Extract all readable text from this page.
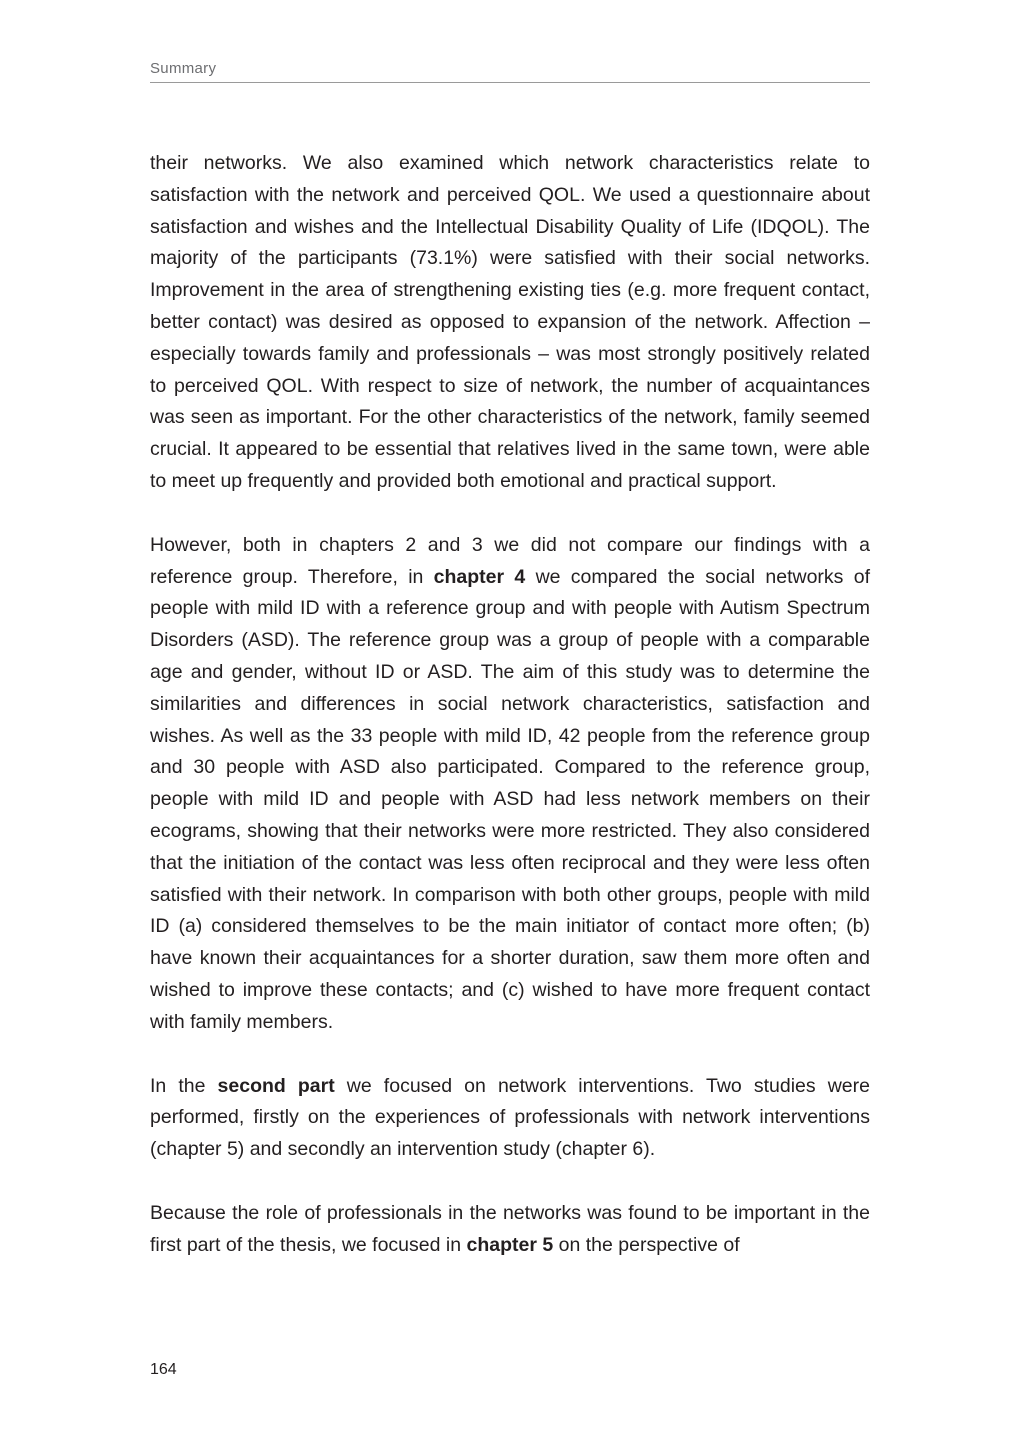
Summary

their networks. We also examined which network characteristics relate to satisfaction with the network and perceived QOL. We used a questionnaire about satisfaction and wishes and the Intellectual Disability Quality of Life (IDQOL). The majority of the participants (73.1%) were satisfied with their social networks. Improvement in the area of strengthening existing ties (e.g. more frequent contact, better contact) was desired as opposed to expansion of the network. Affection – especially towards family and professionals – was most strongly positively related to perceived QOL. With respect to size of network, the number of acquaintances was seen as important. For the other characteristics of the network, family seemed crucial. It appeared to be essential that relatives lived in the same town, were able to meet up frequently and provided both emotional and practical support.

However, both in chapters 2 and 3 we did not compare our findings with a reference group. Therefore, in chapter 4 we compared the social networks of people with mild ID with a reference group and with people with Autism Spectrum Disorders (ASD). The reference group was a group of people with a comparable age and gender, without ID or ASD. The aim of this study was to determine the similarities and differences in social network characteristics, satisfaction and wishes. As well as the 33 people with mild ID, 42 people from the reference group and 30 people with ASD also participated. Compared to the reference group, people with mild ID and people with ASD had less network members on their ecograms, showing that their networks were more restricted. They also considered that the initiation of the contact was less often reciprocal and they were less often satisfied with their network. In comparison with both other groups, people with mild ID (a) considered themselves to be the main initiator of contact more often; (b) have known their acquaintances for a shorter duration, saw them more often and wished to improve these contacts; and (c) wished to have more frequent contact with family members.

In the second part we focused on network interventions. Two studies were performed, firstly on the experiences of professionals with network interventions (chapter 5) and secondly an intervention study (chapter 6).

Because the role of professionals in the networks was found to be important in the first part of the thesis, we focused in chapter 5 on the perspective of

164
